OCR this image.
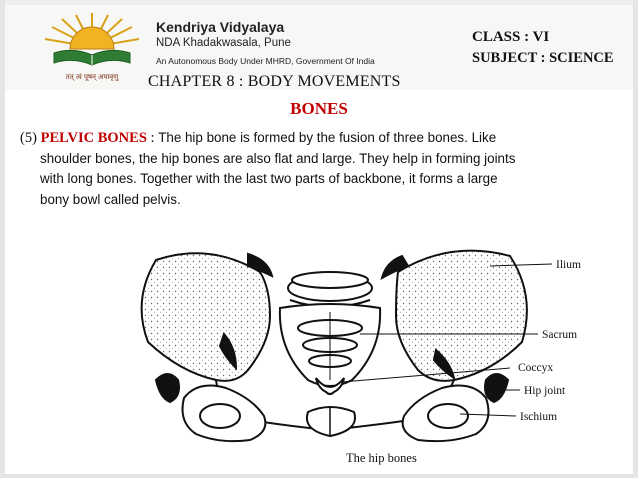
तत् त्वं पूषन् अपावृणु
Kendriya Vidyalaya
NDA Khadakwasala, Pune
An Autonomous Body Under MHRD, Government Of India
CLASS : VI
SUBJECT : SCIENCE
CHAPTER 8 : BODY MOVEMENTS
BONES
(5) PELVIC BONES : The hip bone is formed by the fusion of three bones. Like
shoulder bones, the hip bones are also flat and large. They help in forming joints
with long bones. Together with the last two parts of backbone, it forms a large
bony bowl called pelvis.
Ilium
Sacrum
Coccyx
Hip joint
Ischium
The hip bones
